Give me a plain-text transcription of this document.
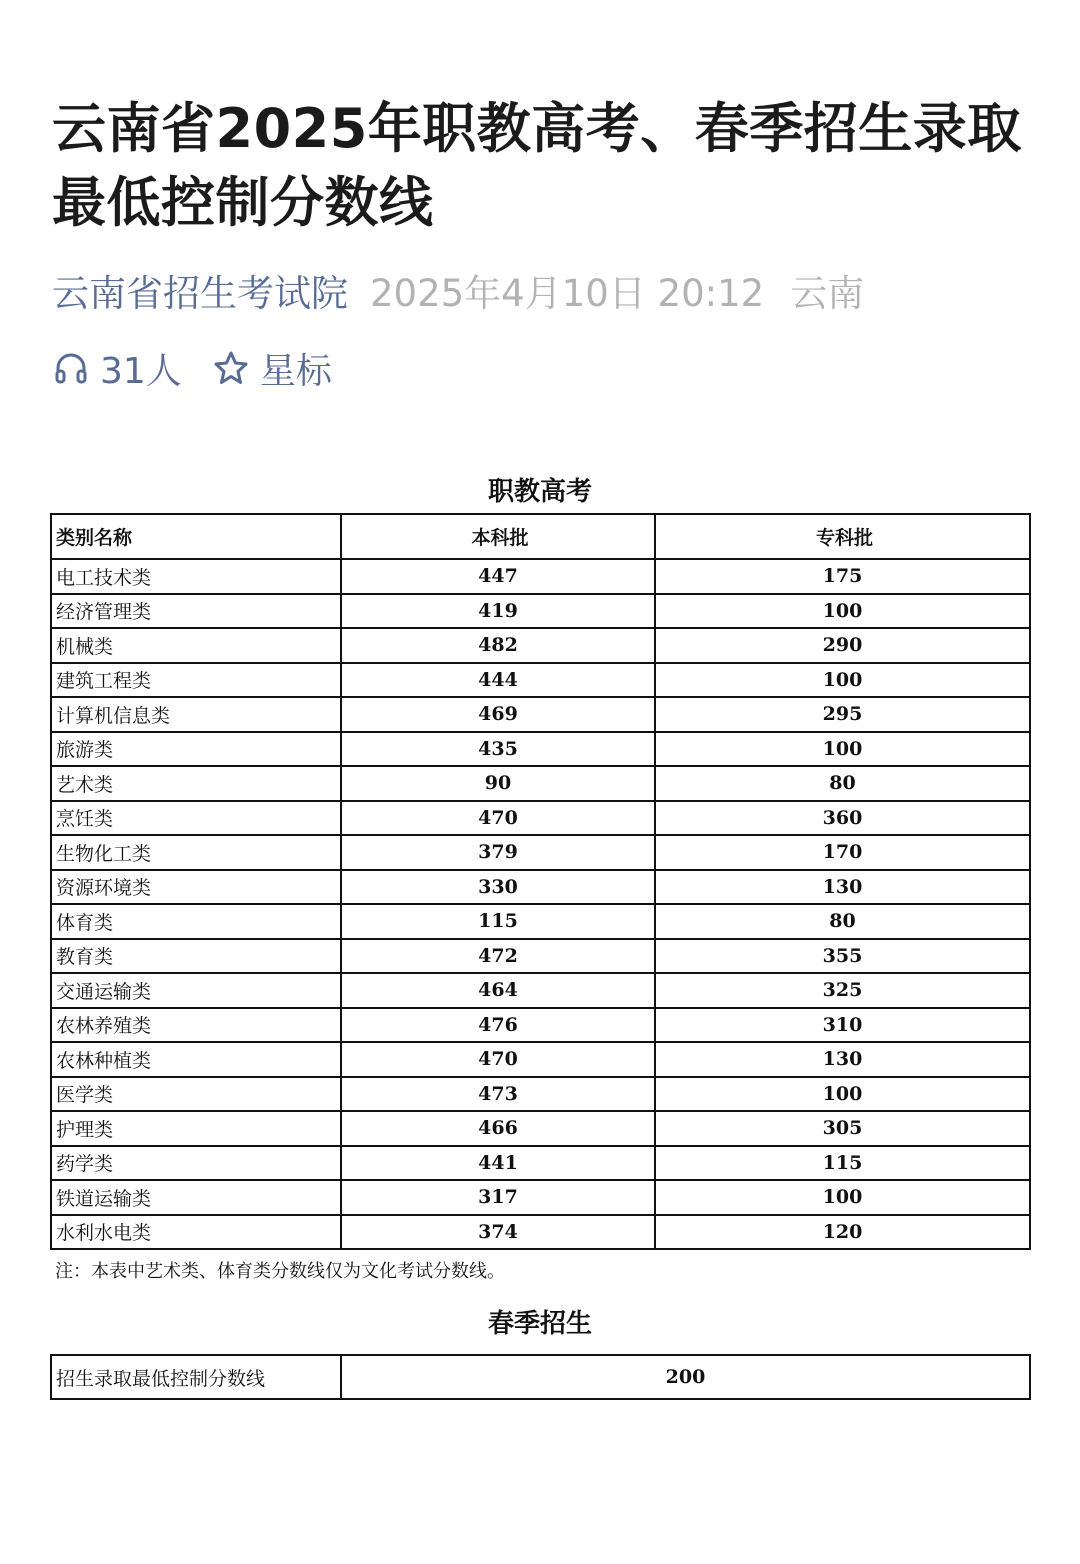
云南省2025年职教高考、春季招生录取最低控制分数线
云南省招生考试院 2025年4月10日 20:12 云南
31人 星标
职教高考
类别名称	本科批	专科批
电工技术类	447	175
经济管理类	419	100
机械类	482	290
建筑工程类	444	100
计算机信息类	469	295
旅游类	435	100
艺术类	90	80
烹饪类	470	360
生物化工类	379	170
资源环境类	330	130
体育类	115	80
教育类	472	355
交通运输类	464	325
农林养殖类	476	310
农林种植类	470	130
医学类	473	100
护理类	466	305
药学类	441	115
铁道运输类	317	100
水利水电类	374	120
注：本表中艺术类、体育类分数线仅为文化考试分数线。
春季招生
招生录取最低控制分数线	200
